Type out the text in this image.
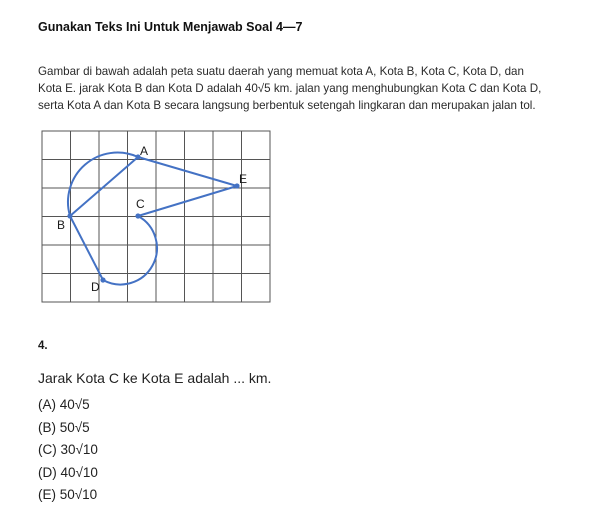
Gunakan Teks Ini Untuk Menjawab Soal 4—7

Gambar di bawah adalah peta suatu daerah yang memuat kota A, Kota B, Kota C, Kota D, dan

Kota E. jarak Kota B dan Kota D adalah 40√5 km. jalan yang menghubungkan Kota C dan Kota D,

serta Kota A dan Kota B secara langsung berbentuk setengah lingkaran dan merupakan jalan tol.

A
B
C
D
E
4.
Jarak Kota C ke Kota E adalah ... km.
(A) 40√5
(B) 50√5
(C) 30√10
(D) 40√10
(E) 50√10
